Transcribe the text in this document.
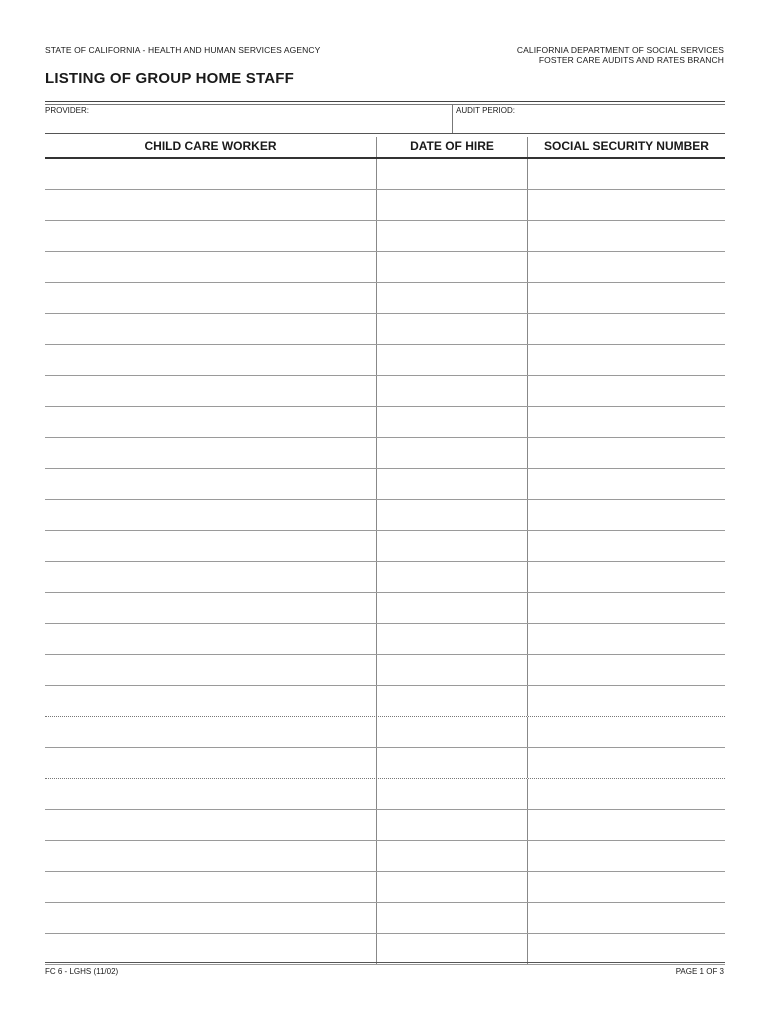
STATE OF CALIFORNIA - HEALTH AND HUMAN SERVICES AGENCY	CALIFORNIA DEPARTMENT OF SOCIAL SERVICES
FOSTER CARE AUDITS AND RATES BRANCH
LISTING OF GROUP HOME STAFF
PROVIDER:	AUDIT PERIOD:
CHILD CARE WORKER	DATE OF HIRE	SOCIAL SECURITY NUMBER
FC 6 - LGHS (11/02)	PAGE 1 OF 3
